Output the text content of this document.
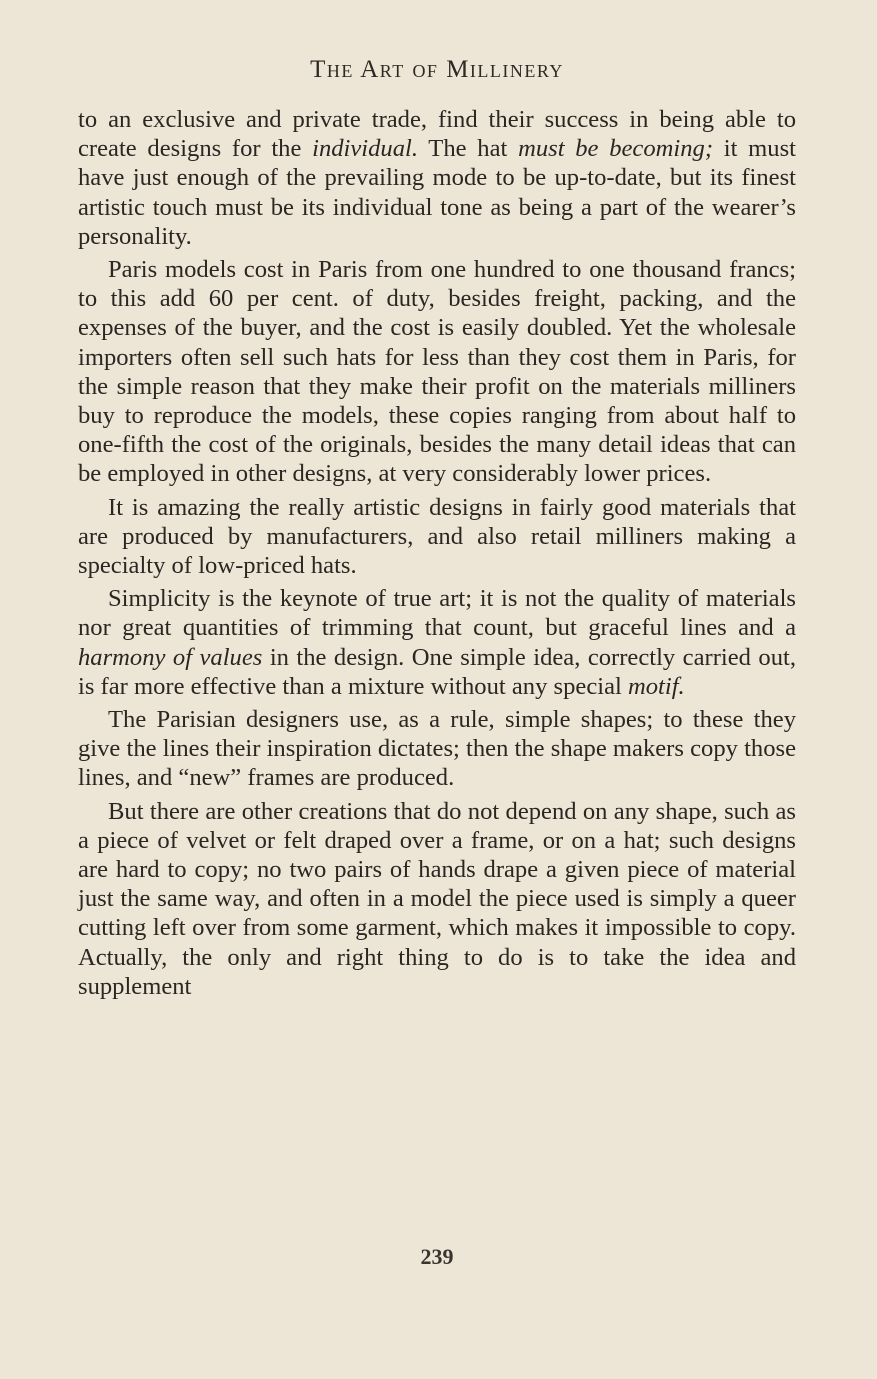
The Art of Millinery

to an exclusive and private trade, find their success in being able to create designs for the individual. The hat must be becoming; it must have just enough of the prevailing mode to be up-to-date, but its finest artistic touch must be its individual tone as being a part of the wearer’s personality.

Paris models cost in Paris from one hundred to one thousand francs; to this add 60 per cent. of duty, besides freight, packing, and the expenses of the buyer, and the cost is easily doubled. Yet the wholesale importers often sell such hats for less than they cost them in Paris, for the simple reason that they make their profit on the materials milliners buy to reproduce the models, these copies ranging from about half to one-fifth the cost of the originals, besides the many detail ideas that can be employed in other designs, at very considerably lower prices.

It is amazing the really artistic designs in fairly good materials that are produced by manufacturers, and also retail milliners making a specialty of low-priced hats.

Simplicity is the keynote of true art; it is not the quality of materials nor great quantities of trimming that count, but graceful lines and a harmony of values in the design. One simple idea, correctly carried out, is far more effective than a mixture without any special motif.

The Parisian designers use, as a rule, simple shapes; to these they give the lines their inspiration dictates; then the shape makers copy those lines, and “new” frames are produced.

But there are other creations that do not depend on any shape, such as a piece of velvet or felt draped over a frame, or on a hat; such designs are hard to copy; no two pairs of hands drape a given piece of material just the same way, and often in a model the piece used is simply a queer cutting left over from some garment, which makes it impossible to copy. Actually, the only and right thing to do is to take the idea and supplement

239
